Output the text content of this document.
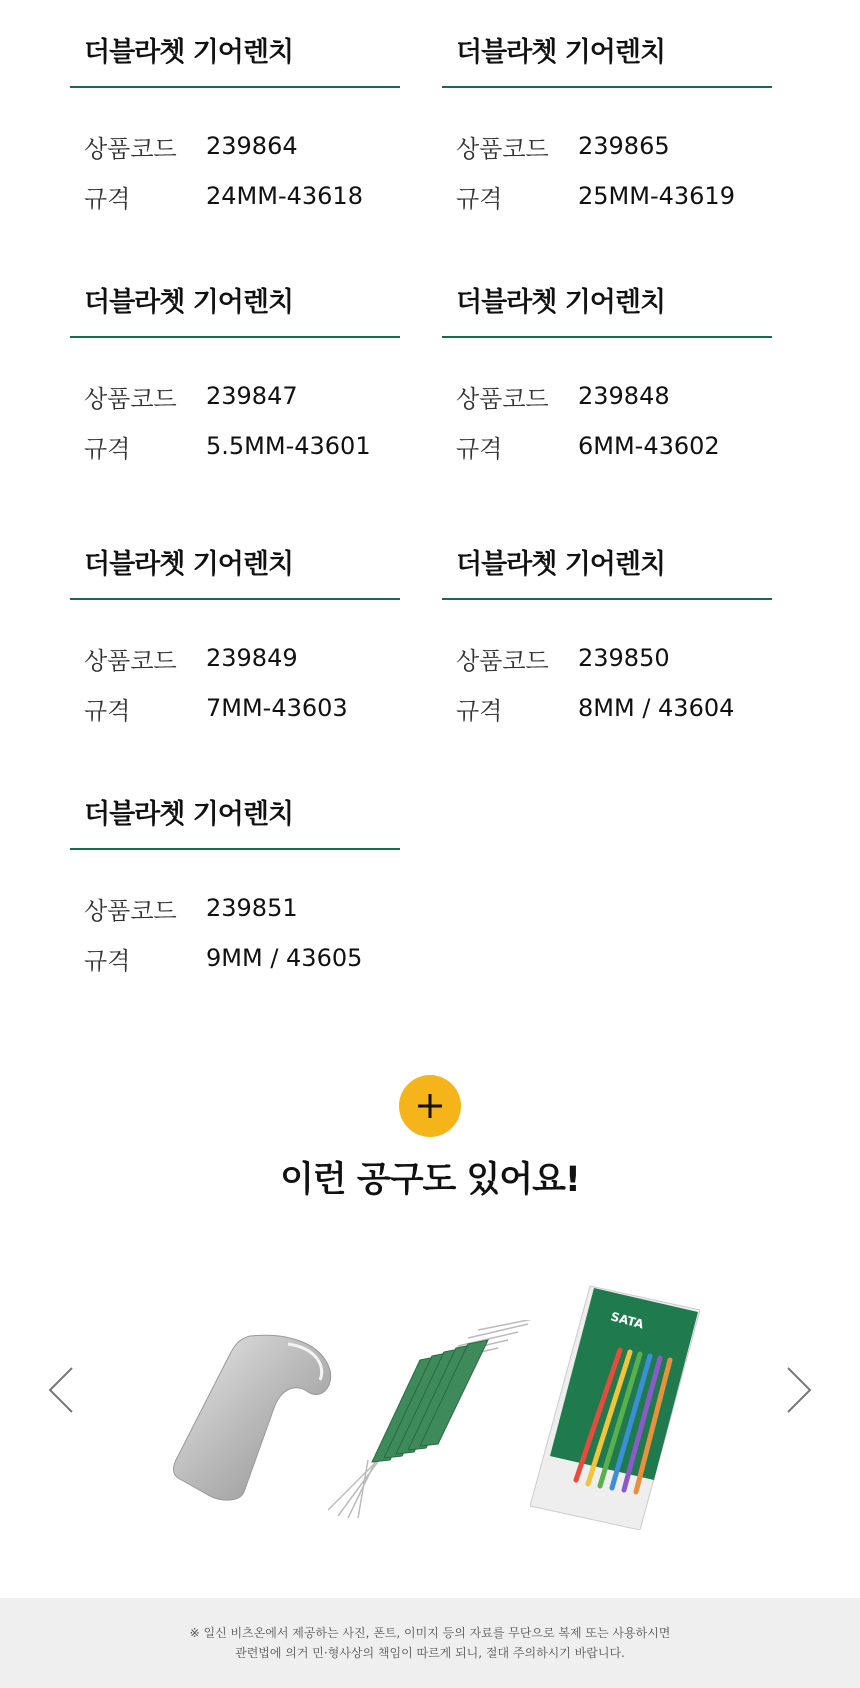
더블라쳇 기어렌치
상품코드	239864
규격	24MM-43618
더블라쳇 기어렌치
상품코드	239865
규격	25MM-43619
더블라쳇 기어렌치
상품코드	239847
규격	5.5MM-43601
더블라쳇 기어렌치
상품코드	239848
규격	6MM-43602
더블라쳇 기어렌치
상품코드	239849
규격	7MM-43603
더블라쳇 기어렌치
상품코드	239850
규격	8MM / 43604
더블라쳇 기어렌치
상품코드	239851
규격	9MM / 43605
이런 공구도 있어요!
SATA
※ 일신 비츠온에서 제공하는 사진, 폰트, 이미지 등의 자료를 무단으로 복제 또는 사용하시면
관련법에 의거 민·형사상의 책임이 따르게 되니, 절대 주의하시기 바랍니다.
